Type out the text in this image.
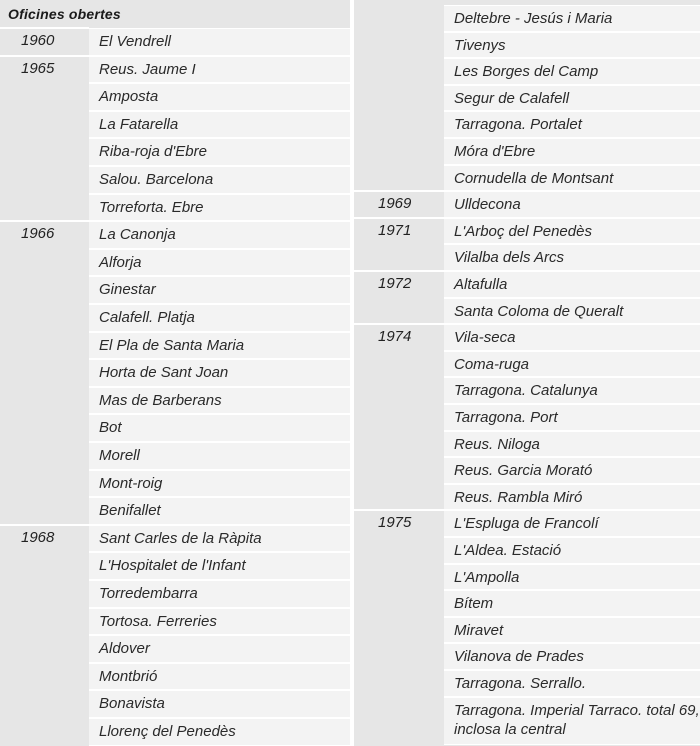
Oficines obertes
1960	El Vendrell
1965	Reus. Jaume I
Amposta
La Fatarella
Riba-roja d'Ebre
Salou. Barcelona
Torreforta. Ebre
1966	La Canonja
Alforja
Ginestar
Calafell. Platja
El Pla de Santa Maria
Horta de Sant Joan
Mas de Barberans
Bot
Morell
Mont-roig
Benifallet
1968	Sant Carles de la Ràpita
L'Hospitalet de l'Infant
Torredembarra
Tortosa. Ferreries
Aldover
Montbrió
Bonavista
Llorenç del Penedès
Deltebre - Jesús i Maria
Tivenys
Les Borges del Camp
Segur de Calafell
Tarragona. Portalet
Móra d'Ebre
Cornudella de Montsant
1969	Ulldecona
1971	L'Arboç del Penedès
Vilalba dels Arcs
1972	Altafulla
Santa Coloma de Queralt
1974	Vila-seca
Coma-ruga
Tarragona. Catalunya
Tarragona. Port
Reus. Niloga
Reus. Garcia Morató
Reus. Rambla Miró
1975	L'Espluga de Francolí
L'Aldea. Estació
L'Ampolla
Bítem
Miravet
Vilanova de Prades
Tarragona. Serrallo.
Tarragona. Imperial Tarraco. total 69, inclosa la central
